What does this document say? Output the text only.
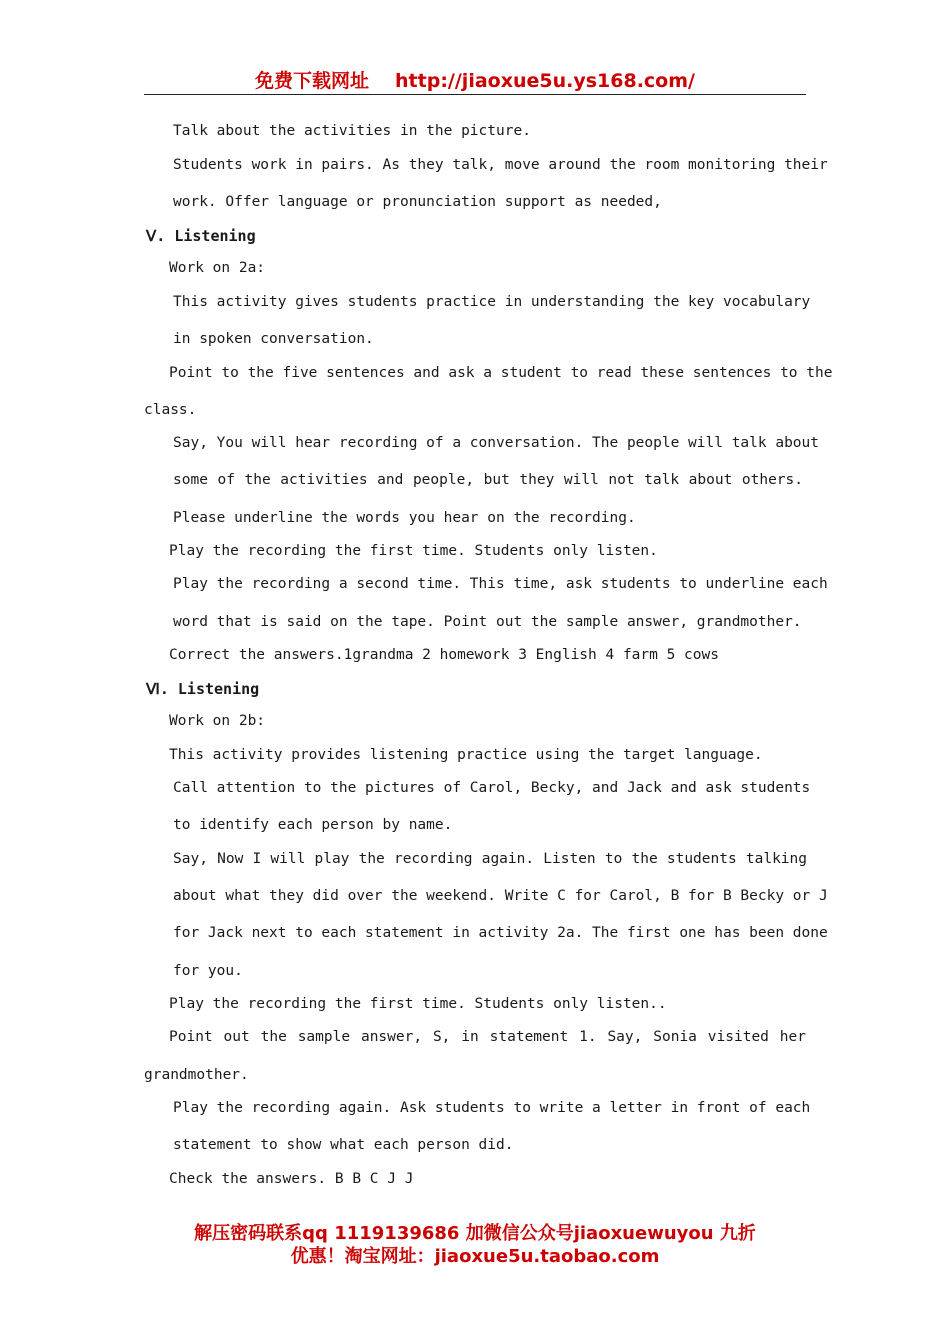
免费下载网址 http://jiaoxue5u.ys168.com/
Talk about the activities in the picture.
Students work in pairs. As they talk, move around the room monitoring their
work. Offer language or pronunciation support as needed,
Ⅴ. Listening
Work on 2a:
This activity gives students practice in understanding the key vocabulary
in spoken conversation.
Point to the five sentences and ask a student to read these sentences to the
class.
Say, You will hear recording of a conversation. The people will talk about
some of the activities and people, but they will not talk about others.
Please underline the words you hear on the recording.
Play the recording the first time. Students only listen.
Play the recording a second time. This time, ask students to underline each
word that is said on the tape. Point out the sample answer, grandmother.
Correct the answers.1grandma 2 homework 3 English 4 farm 5 cows
Ⅵ. Listening
Work on 2b:
This activity provides listening practice using the target language.
Call attention to the pictures of Carol, Becky, and Jack and ask students
to identify each person by name.
Say, Now I will play the recording again. Listen to the students talking
about what they did over the weekend. Write C for Carol, B for B Becky or J
for Jack next to each statement in activity 2a. The first one has been done
for you.
Play the recording the first time. Students only listen..
Point out the sample answer, S, in statement 1. Say, Sonia visited her
grandmother.
Play the recording again. Ask students to write a letter in front of each
statement to show what each person did.
Check the answers. B B C J J
解压密码联系qq 1119139686 加微信公众号jiaoxuewuyou 九折
优惠！淘宝网址：jiaoxue5u.taobao.com
